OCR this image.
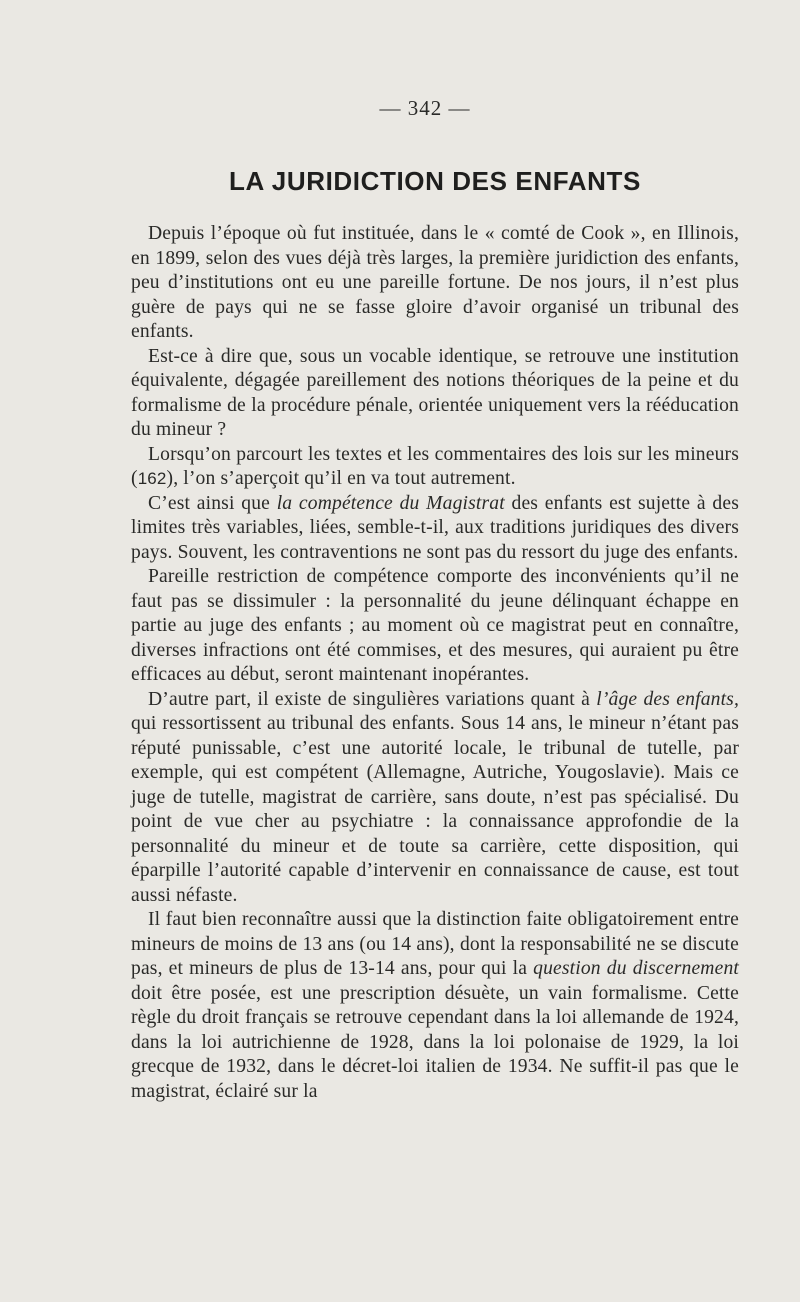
— 342 —
LA JURIDICTION DES ENFANTS

Depuis l’époque où fut instituée, dans le « comté de Cook », en Illinois, en 1899, selon des vues déjà très larges, la première juridiction des enfants, peu d’institutions ont eu une pareille fortune. De nos jours, il n’est plus guère de pays qui ne se fasse gloire d’avoir organisé un tribunal des enfants.

Est-ce à dire que, sous un vocable identique, se retrouve une institution équivalente, dégagée pareillement des notions théoriques de la peine et du formalisme de la procédure pénale, orientée uniquement vers la rééducation du mineur ?

Lorsqu’on parcourt les textes et les commentaires des lois sur les mineurs (162), l’on s’aperçoit qu’il en va tout autrement.

C’est ainsi que la compétence du Magistrat des enfants est sujette à des limites très variables, liées, semble-t-il, aux traditions juridiques des divers pays. Souvent, les contraventions ne sont pas du ressort du juge des enfants.

Pareille restriction de compétence comporte des inconvénients qu’il ne faut pas se dissimuler : la personnalité du jeune délinquant échappe en partie au juge des enfants ; au moment où ce magistrat peut en connaître, diverses infractions ont été commises, et des mesures, qui auraient pu être efficaces au début, seront maintenant inopérantes.

D’autre part, il existe de singulières variations quant à l’âge des enfants, qui ressortissent au tribunal des enfants. Sous 14 ans, le mineur n’étant pas réputé punissable, c’est une autorité locale, le tribunal de tutelle, par exemple, qui est compétent (Allemagne, Autriche, Yougoslavie). Mais ce juge de tutelle, magistrat de carrière, sans doute, n’est pas spécialisé. Du point de vue cher au psychiatre : la connaissance approfondie de la personnalité du mineur et de toute sa carrière, cette disposition, qui éparpille l’autorité capable d’intervenir en connaissance de cause, est tout aussi néfaste.

Il faut bien reconnaître aussi que la distinction faite obligatoirement entre mineurs de moins de 13 ans (ou 14 ans), dont la responsabilité ne se discute pas, et mineurs de plus de 13-14 ans, pour qui la question du discernement doit être posée, est une prescription désuète, un vain formalisme. Cette règle du droit français se retrouve cependant dans la loi allemande de 1924, dans la loi autrichienne de 1928, dans la loi polonaise de 1929, la loi grecque de 1932, dans le décret-loi italien de 1934. Ne suffit-il pas que le magistrat, éclairé sur la
